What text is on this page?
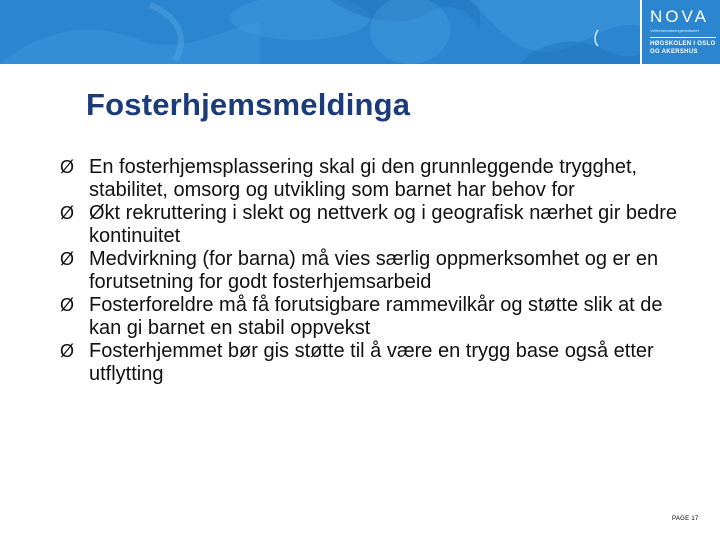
NOVA
Velferdsforskningsinstituttet
HØGSKOLEN I OSLO
OG AKERSHUS
Fosterhjemsmeldinga
Ø En fosterhjemsplassering skal gi den grunnleggende trygghet, stabilitet, omsorg og utvikling som barnet har behov for
Ø Økt rekruttering i slekt og nettverk og i geografisk nærhet gir bedre kontinuitet
Ø Medvirkning (for barna) må vies særlig oppmerksomhet og er en forutsetning for godt fosterhjemsarbeid
Ø Fosterforeldre må få forutsigbare rammevilkår og støtte slik at de kan gi barnet en stabil oppvekst
Ø Fosterhjemmet bør gis støtte til å være en trygg base også etter utflytting
PAGE 17
